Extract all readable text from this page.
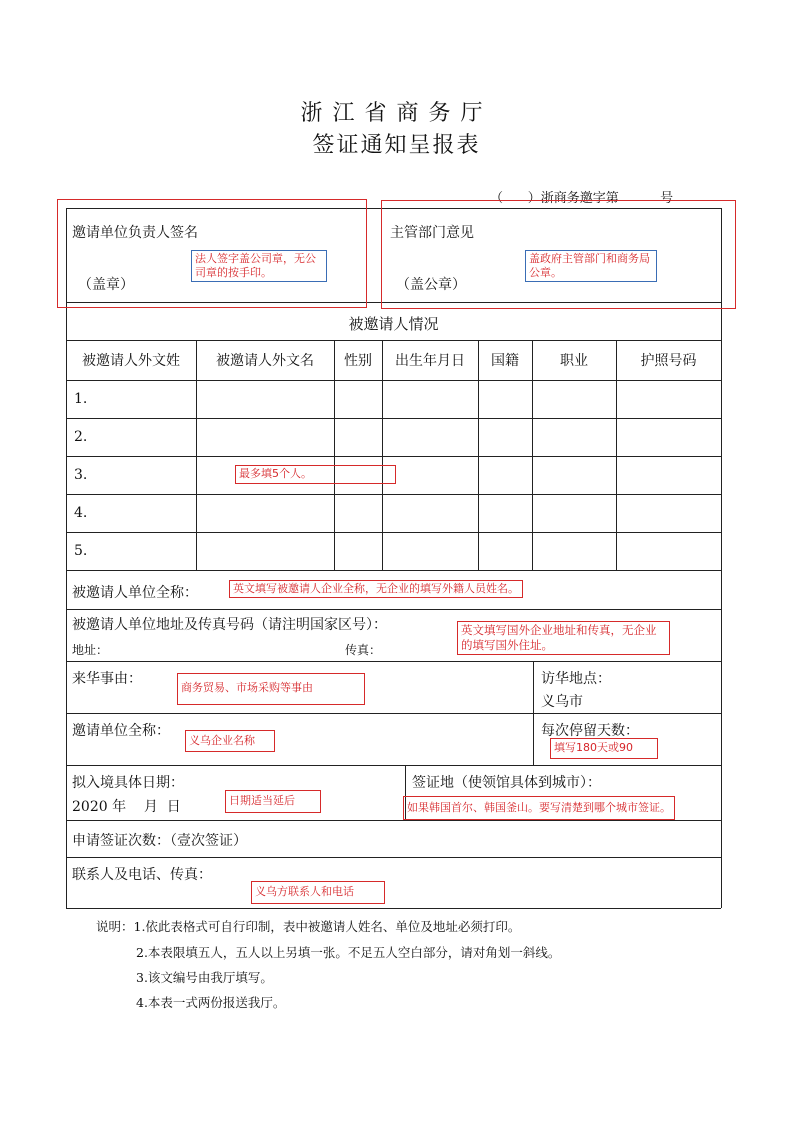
浙江省商务厅
签证通知呈报表
（      ）浙商务邀字第          号
邀请单位负责人签名
（盖章）
主管部门意见
（盖公章）
被邀请人情况
被邀请人外文姓	被邀请人外文名	性别	出生年月日	国籍	职业	护照号码
1.
2.
3.
4.
5.
被邀请人单位全称：
被邀请人单位地址及传真号码（请注明国家区号）：
地址：	传真：
来华事由：	访华地点：
义乌市
邀请单位全称：	每次停留天数：
拟入境具体日期：
2020 年    月  日
签证地（使领馆具体到城市）：
申请签证次数：（壹次签证）
联系人及电话、传真：
说明：1.依此表格式可自行印制，表中被邀请人姓名、单位及地址必须打印。
2.本表限填五人，五人以上另填一张。不足五人空白部分，请对角划一斜线。
3.该文编号由我厅填写。
4.本表一式两份报送我厅。
法人签字盖公司章，无公司章的按手印。
盖政府主管部门和商务局公章。
最多填5个人。
英文填写被邀请人企业全称，无企业的填写外籍人员姓名。
英文填写国外企业地址和传真，无企业的填写国外住址。
商务贸易、市场采购等事由
义乌企业名称
填写180天或90
日期适当延后
如果韩国首尔、韩国釜山。要写清楚到哪个城市签证。
义乌方联系人和电话
